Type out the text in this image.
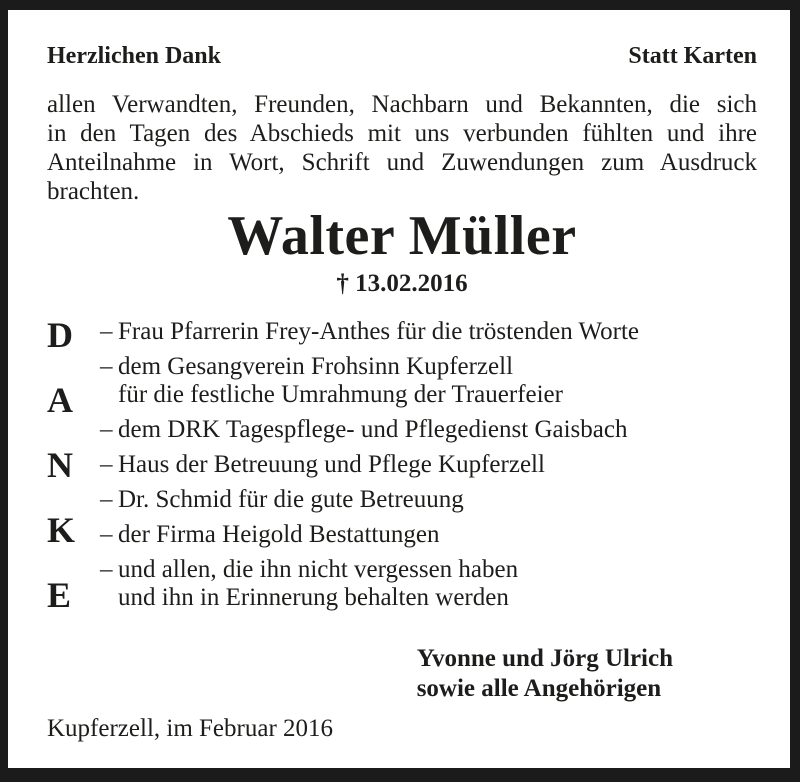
Herzlichen Dank	Statt Karten
allen Verwandten, Freunden, Nachbarn und Bekannten, die sich
in den Tagen des Abschieds mit uns verbunden fühlten und ihre
Anteilnahme in Wort, Schrift und Zuwendungen zum Ausdruck
brachten.
Walter Müller
† 13.02.2016
D
A
N
K
E
– Frau Pfarrerin Frey-Anthes für die tröstenden Worte
– dem Gesangverein Frohsinn Kupferzell
für die festliche Umrahmung der Trauerfeier
– dem DRK Tagespflege- und Pflegedienst Gaisbach
– Haus der Betreuung und Pflege Kupferzell
– Dr. Schmid für die gute Betreuung
– der Firma Heigold Bestattungen
– und allen, die ihn nicht vergessen haben
und ihn in Erinnerung behalten werden
Yvonne und Jörg Ulrich
sowie alle Angehörigen
Kupferzell, im Februar 2016
